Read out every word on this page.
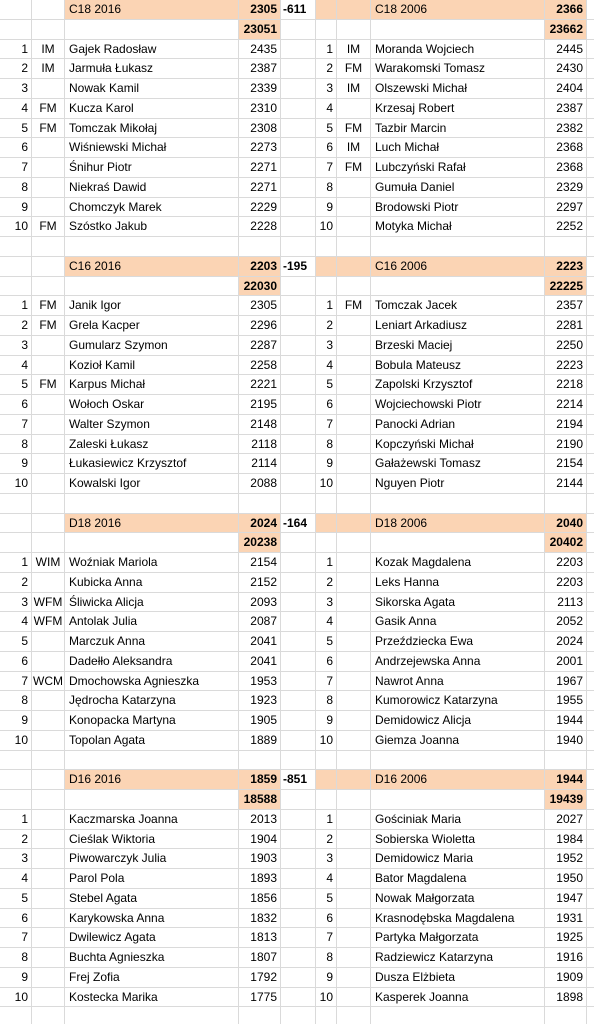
C18 2016	2305 -611	C18 2006	2366
23051	23662
1	IM	Gajek Radosław	2435	1	IM	Moranda Wojciech	2445
2	IM	Jarmuła Łukasz	2387	2 FM	Warakomski Tomasz	2430
3	Nowak Kamil	2339	3	IM	Olszewski Michał	2404
4 FM	Kucza Karol	2310	4	Krzesaj Robert	2387
5 FM	Tomczak Mikołaj	2308	5 FM	Tazbir Marcin	2382
6	Wiśniewski Michał	2273	6	IM	Luch Michał	2368
7	Śnihur Piotr	2271	7 FM	Lubczyński Rafał	2368
8	Niekraś Dawid	2271	8	Gumuła Daniel	2329
9	Chomczyk Marek	2229	9	Brodowski Piotr	2297
10 FM	Szóstko Jakub	2228	10	Motyka Michał	2252
C16 2016	2203 -195	C16 2006	2223
22030	22225
1 FM	Janik Igor	2305	1 FM	Tomczak Jacek	2357
2 FM	Grela Kacper	2296	2	Leniart Arkadiusz	2281
3	Gumularz Szymon	2287	3	Brzeski Maciej	2250
4	Kozioł Kamil	2258	4	Bobula Mateusz	2223
5 FM	Karpus Michał	2221	5	Zapolski Krzysztof	2218
6	Wołoch Oskar	2195	6	Wojciechowski Piotr	2214
7	Walter Szymon	2148	7	Panocki Adrian	2194
8	Zaleski Łukasz	2118	8	Kopczyński Michał	2190
9	Łukasiewicz Krzysztof	2114	9	Gałażewski Tomasz	2154
10	Kowalski Igor	2088	10	Nguyen Piotr	2144
D18 2016	2024 -164	D18 2006	2040
20238	20402
1 WIM Woźniak Mariola	2154	1	Kozak Magdalena	2203
2	Kubicka Anna	2152	2	Leks Hanna	2203
3 WFM Śliwicka Alicja	2093	3	Sikorska Agata	2113
4 WFM Antolak Julia	2087	4	Gasik Anna	2052
5	Marczuk Anna	2041	5	Przeździecka Ewa	2024
6	Dadełło Aleksandra	2041	6	Andrzejewska Anna	2001
7 WCM Dmochowska Agnieszka	1953	7	Nawrot Anna	1967
8	Jędrocha Katarzyna	1923	8	Kumorowicz Katarzyna	1955
9	Konopacka Martyna	1905	9	Demidowicz Alicja	1944
10	Topolan Agata	1889	10	Giemza Joanna	1940
D16 2016	1859 -851	D16 2006	1944
18588	19439
1	Kaczmarska Joanna	2013	1	Gościniak Maria	2027
2	Cieślak Wiktoria	1904	2	Sobierska Wioletta	1984
3	Piwowarczyk Julia	1903	3	Demidowicz Maria	1952
4	Parol Pola	1893	4	Bator Magdalena	1950
5	Stebel Agata	1856	5	Nowak Małgorzata	1947
6	Karykowska Anna	1832	6	Krasnodębska Magdalena	1931
7	Dwilewicz Agata	1813	7	Partyka Małgorzata	1925
8	Buchta Agnieszka	1807	8	Radziewicz Katarzyna	1916
9	Frej Zofia	1792	9	Dusza Elżbieta	1909
10	Kostecka Marika	1775	10	Kasperek Joanna	1898
